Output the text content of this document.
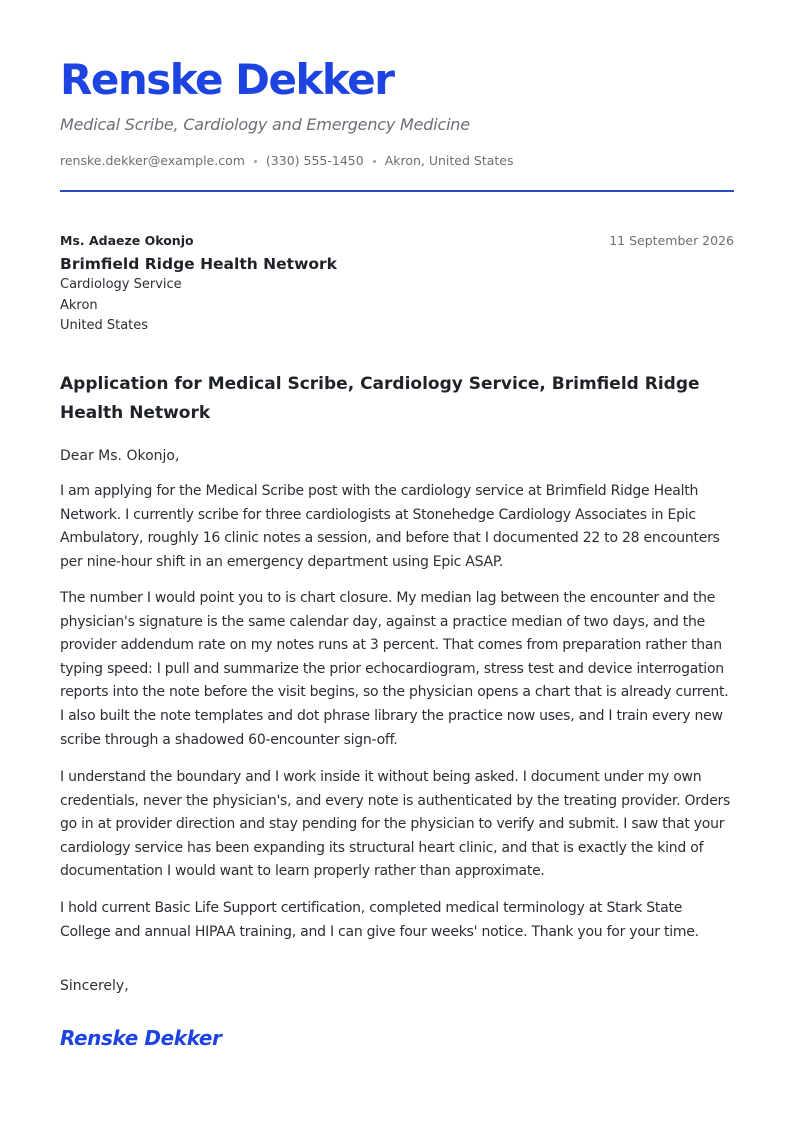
Renske Dekker
Medical Scribe, Cardiology and Emergency Medicine
renske.dekker@example.com (330) 555-1450 Akron, United States
Ms. Adaeze Okonjo	11 September 2026
Brimfield Ridge Health Network
Cardiology Service
Akron
United States
Application for Medical Scribe, Cardiology Service, Brimfield Ridge Health Network
Dear Ms. Okonjo,

I am applying for the Medical Scribe post with the cardiology service at Brimfield Ridge Health Network. I currently scribe for three cardiologists at Stonehedge Cardiology Associates in Epic Ambulatory, roughly 16 clinic notes a session, and before that I documented 22 to 28 encounters per nine-hour shift in an emergency department using Epic ASAP.

The number I would point you to is chart closure. My median lag between the encounter and the physician's signature is the same calendar day, against a practice median of two days, and the provider addendum rate on my notes runs at 3 percent. That comes from preparation rather than typing speed: I pull and summarize the prior echocardiogram, stress test and device interrogation reports into the note before the visit begins, so the physician opens a chart that is already current. I also built the note templates and dot phrase library the practice now uses, and I train every new scribe through a shadowed 60-encounter sign-off.

I understand the boundary and I work inside it without being asked. I document under my own credentials, never the physician's, and every note is authenticated by the treating provider. Orders go in at provider direction and stay pending for the physician to verify and submit. I saw that your cardiology service has been expanding its structural heart clinic, and that is exactly the kind of documentation I would want to learn properly rather than approximate.

I hold current Basic Life Support certification, completed medical terminology at Stark State College and annual HIPAA training, and I can give four weeks' notice. Thank you for your time.

Sincerely,
Renske Dekker
